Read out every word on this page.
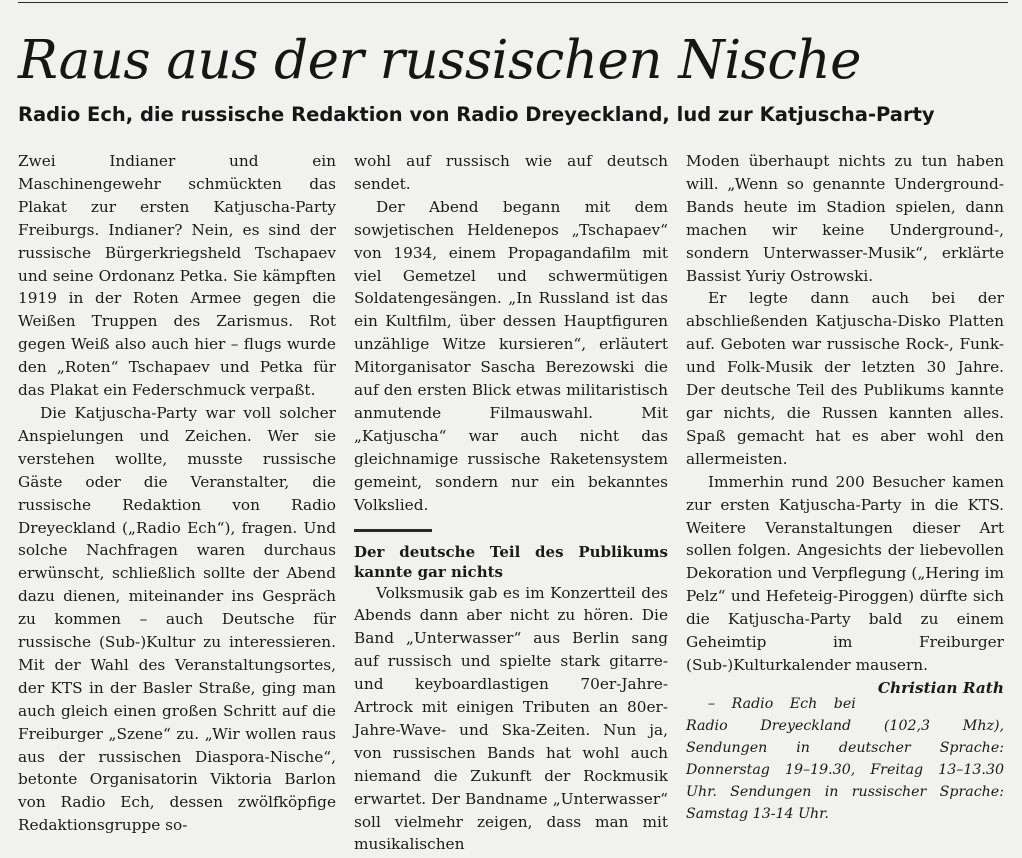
Raus aus der russischen Nische
Radio Ech, die russische Redaktion von Radio Dreyeckland, lud zur Katjuscha-Party

Zwei Indianer und ein Maschinengewehr schmückten das Plakat zur ersten Katjuscha-Party Freiburgs. Indianer? Nein, es sind der russische Bürgerkriegsheld Tschapaev und seine Ordonanz Petka. Sie kämpften 1919 in der Roten Armee gegen die Weißen Truppen des Zarismus. Rot gegen Weiß also auch hier – flugs wurde den „Roten“ Tschapaev und Petka für das Plakat ein Federschmuck verpaßt.

Die Katjuscha-Party war voll solcher Anspielungen und Zeichen. Wer sie verstehen wollte, musste russische Gäste oder die Veranstalter, die russische Redaktion von Radio Dreyeckland („Radio Ech“), fragen. Und solche Nachfragen waren durchaus erwünscht, schließlich sollte der Abend dazu dienen, miteinander ins Gespräch zu kommen – auch Deutsche für russische (Sub-)Kultur zu interessieren. Mit der Wahl des Veranstaltungsortes, der KTS in der Basler Straße, ging man auch gleich einen großen Schritt auf die Freiburger „Szene“ zu. „Wir wollen raus aus der russischen Diaspora-Nische“, betonte Organisatorin Viktoria Barlon von Radio Ech, dessen zwölfköpfige Redaktionsgruppe so-

wohl auf russisch wie auf deutsch sendet.

Der Abend begann mit dem sowjetischen Heldenepos „Tschapaev“ von 1934, einem Propagandafilm mit viel Gemetzel und schwermütigen Soldatengesängen. „In Russland ist das ein Kultfilm, über dessen Hauptfiguren unzählige Witze kursieren“, erläutert Mitorganisator Sascha Berezowski die auf den ersten Blick etwas militaristisch anmutende Filmauswahl. Mit „Katjuscha“ war auch nicht das gleichnamige russische Raketensystem gemeint, sondern nur ein bekanntes Volkslied.

Der deutsche Teil des Publikums kannte gar nichts

Volksmusik gab es im Konzertteil des Abends dann aber nicht zu hören. Die Band „Unterwasser“ aus Berlin sang auf russisch und spielte stark gitarre- und keyboardlastigen 70er-Jahre-Artrock mit einigen Tributen an 80er-Jahre-Wave- und Ska-Zeiten. Nun ja, von russischen Bands hat wohl auch niemand die Zukunft der Rockmusik erwartet. Der Bandname „Unterwasser“ soll vielmehr zeigen, dass man mit musikalischen

Moden überhaupt nichts zu tun haben will. „Wenn so genannte Underground-Bands heute im Stadion spielen, dann machen wir keine Underground-, sondern Unterwasser-Musik“, erklärte Bassist Yuriy Ostrowski.

Er legte dann auch bei der abschließenden Katjuscha-Disko Platten auf. Geboten war russische Rock-, Funk- und Folk-Musik der letzten 30 Jahre. Der deutsche Teil des Publikums kannte gar nichts, die Russen kannten alles. Spaß gemacht hat es aber wohl den allermeisten.

Immerhin rund 200 Besucher kamen zur ersten Katjuscha-Party in die KTS. Weitere Veranstaltungen dieser Art sollen folgen. Angesichts der liebevollen Dekoration und Verpflegung („Hering im Pelz“ und Hefeteig-Piroggen) dürfte sich die Katjuscha-Party bald zu einem Geheimtip im Freiburger (Sub-)Kulturkalender mausern.
Christian Rath

– Radio Ech bei Radio Dreyeckland (102,3 Mhz), Sendungen in deutscher Sprache: Donnerstag 19–19.30, Freitag 13–13.30 Uhr. Sendungen in russischer Sprache: Samstag 13-14 Uhr.
